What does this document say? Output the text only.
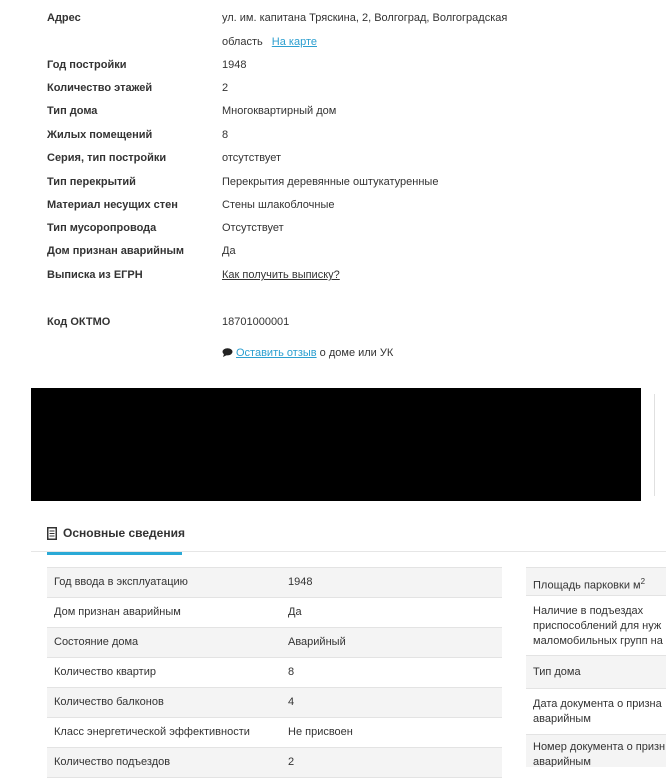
Адрес	ул. им. капитана Тряскина, 2, Волгоград, Волгоградская
область На карте
Год постройки	1948
Количество этажей	2
Тип дома	Многоквартирный дом
Жилых помещений	8
Серия, тип постройки	отсутствует
Тип перекрытий	Перекрытия деревянные оштукатуренные
Материал несущих стен	Стены шлакоблочные
Тип мусоропровода	Отсутствует
Дом признан аварийным	Да
Выписка из ЕГРН	Как получить выписку?
Код ОКТМО	18701000001
Оставить отзыв о доме или УК
Основные сведения
Год ввода в эксплуатацию	1948
Дом признан аварийным	Да
Состояние дома	Аварийный
Количество квартир	8
Количество балконов	4
Класс энергетической эффективности	Не присвоен
Количество подъездов	2
Площадь парковки $м^2$
Наличие в подъездах
приспособлений для нуж
маломобильных групп на
Тип дома
Дата документа о призна
аварийным
Номер документа о призн
аварийным
